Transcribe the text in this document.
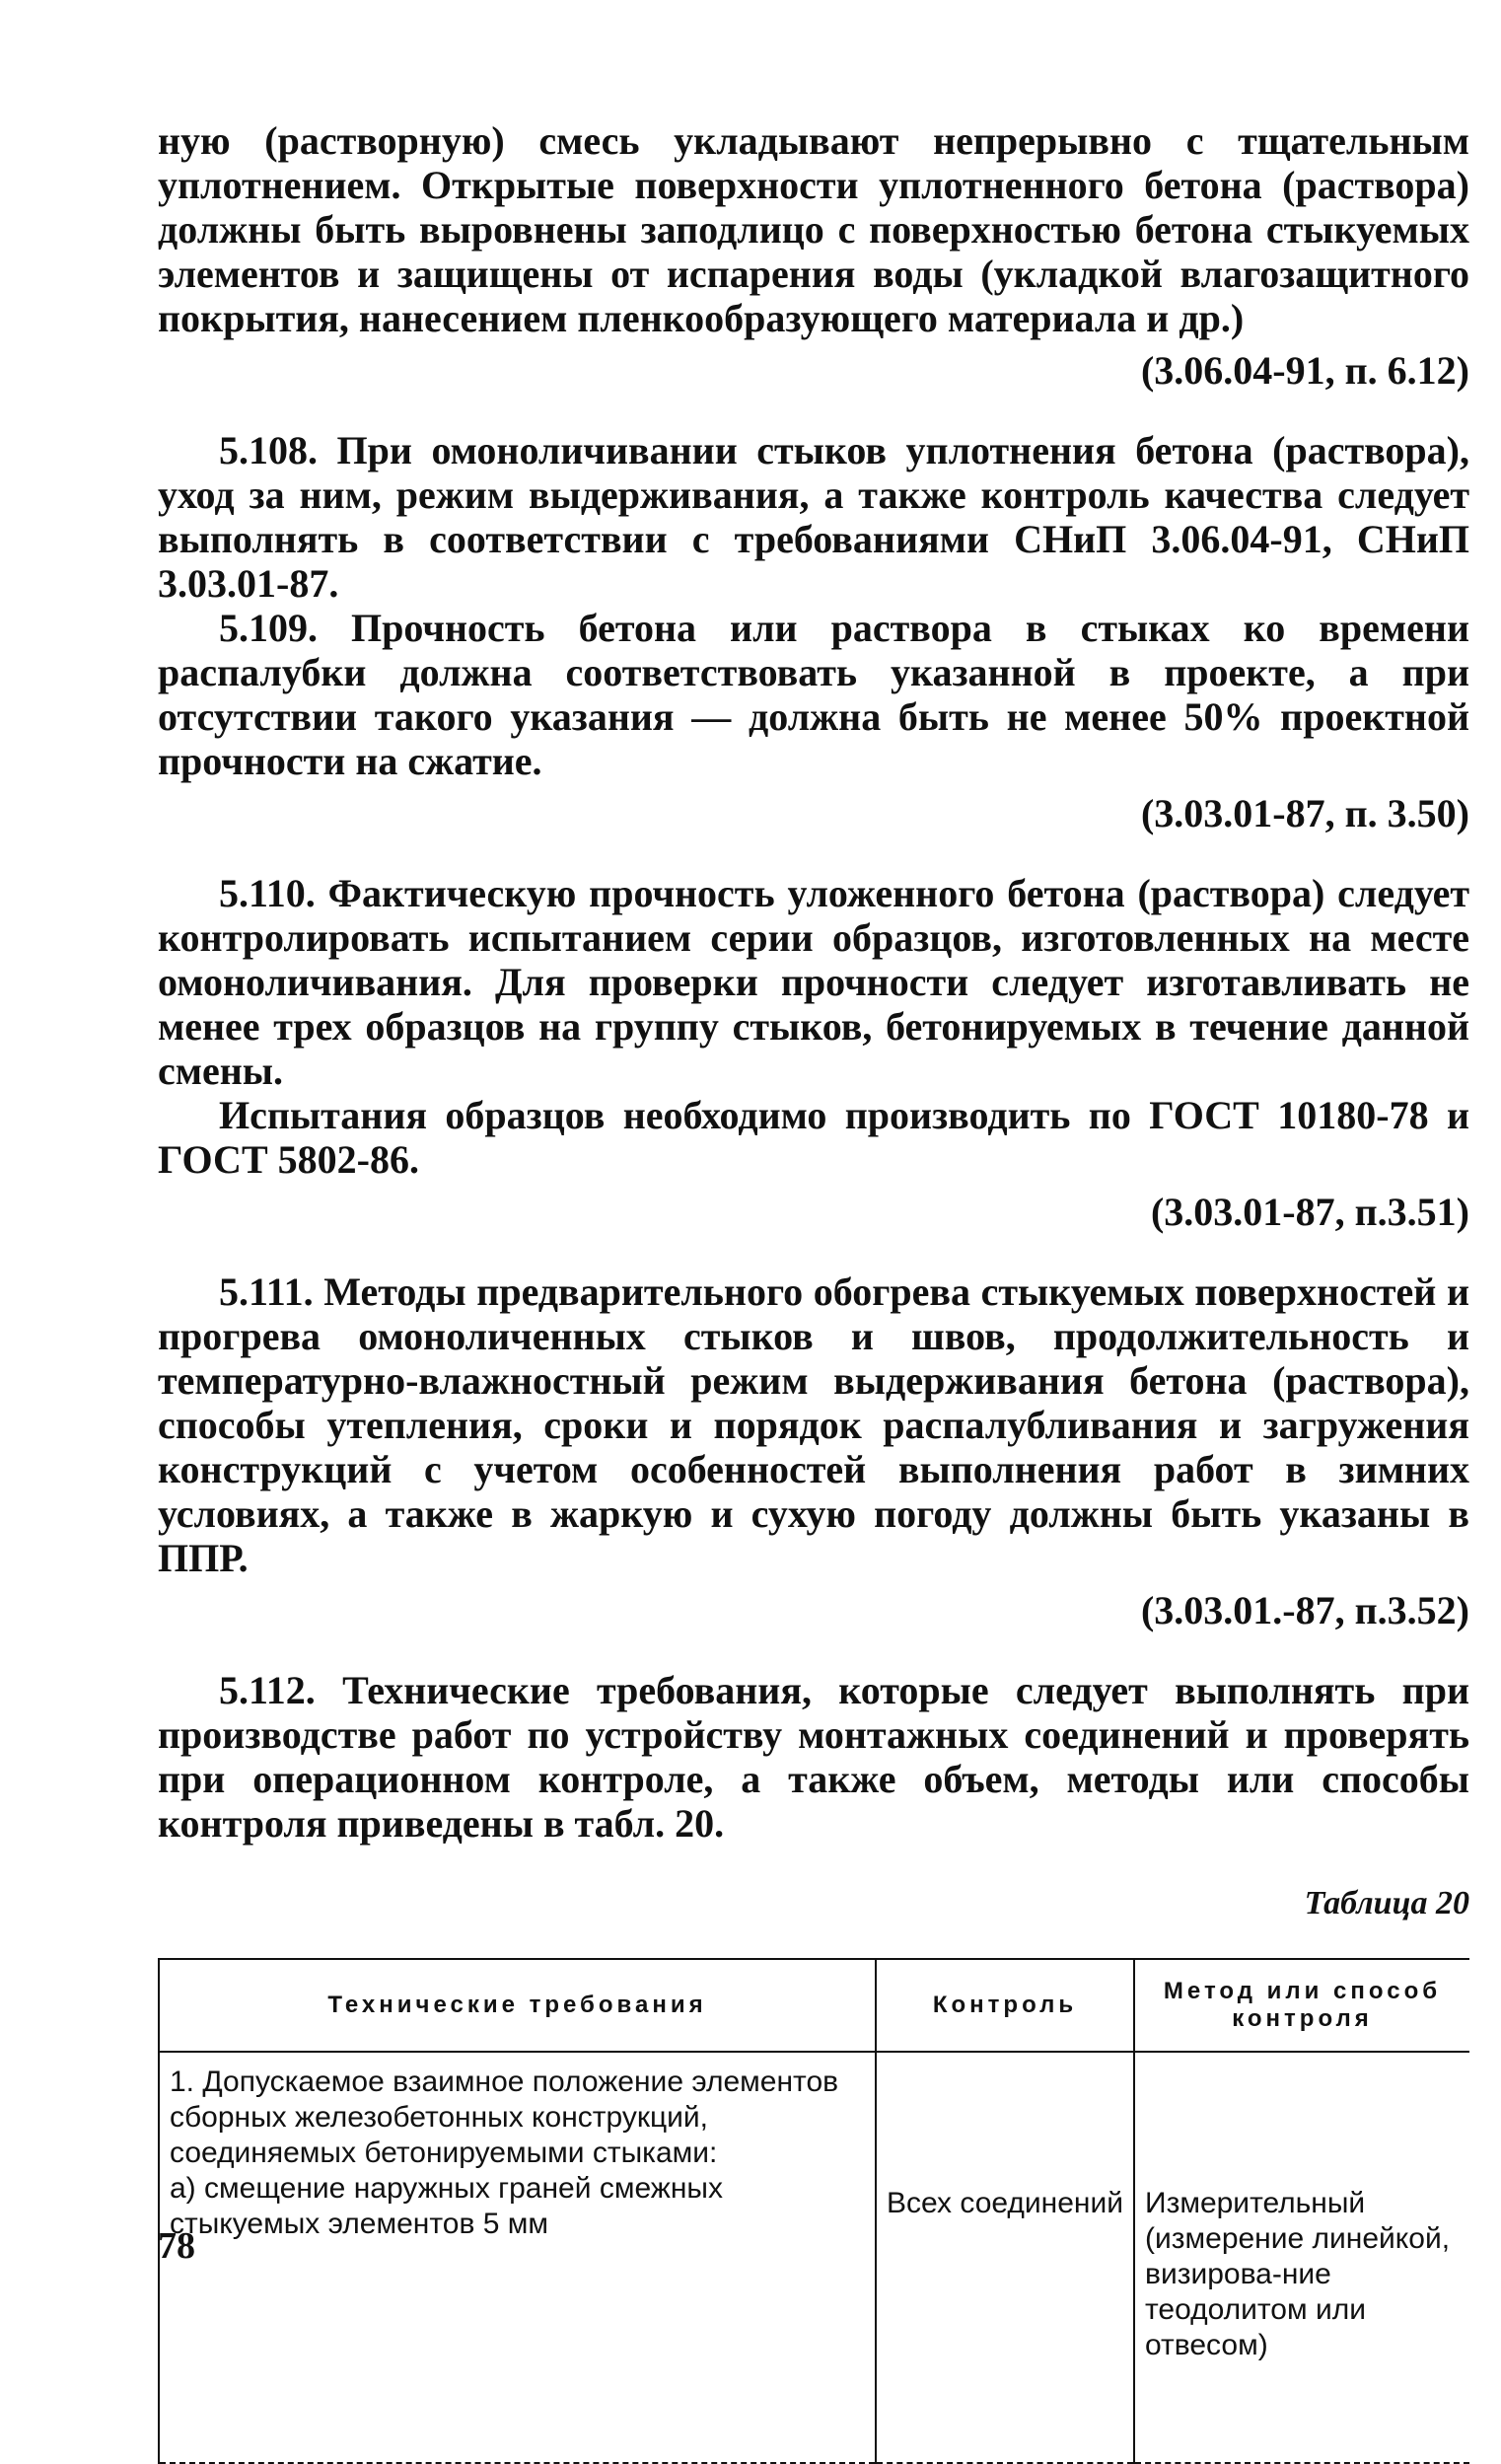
ную (растворную) смесь укладывают непрерывно с тщательным уплотнением. Открытые поверхности уплотненного бетона (раствора) должны быть выровнены заподлицо с поверхностью бетона стыкуемых элементов и защищены от испарения воды (укладкой влагозащитного покрытия, нанесением пленкообразующего материала и др.)

(3.06.04-91, п. 6.12)

5.108. При омоноличивании стыков уплотнения бетона (раствора), уход за ним, режим выдерживания, а также контроль качества следует выполнять в соответствии с требованиями СНиП 3.06.04-91, СНиП 3.03.01-87.

5.109. Прочность бетона или раствора в стыках ко времени распалубки должна соответствовать указанной в проекте, а при отсутствии такого указания — должна быть не менее 50% проектной прочности на сжатие.

(3.03.01-87, п. 3.50)

5.110. Фактическую прочность уложенного бетона (раствора) следует контролировать испытанием серии образцов, изготовленных на месте омоноличивания. Для проверки прочности следует изготавливать не менее трех образцов на группу стыков, бетонируемых в течение данной смены.

Испытания образцов необходимо производить по ГОСТ 10180-78 и ГОСТ 5802-86.

(3.03.01-87, п.3.51)

5.111. Методы предварительного обогрева стыкуемых поверхностей и прогрева омоноличенных стыков и швов, продолжительность и температурно-влажностный режим выдерживания бетона (раствора), способы утепления, сроки и порядок распалубливания и загружения конструкций с учетом особенностей выполнения работ в зимних условиях, а также в жаркую и сухую погоду должны быть указаны в ППР.

(3.03.01.-87, п.3.52)

5.112. Технические требования, которые следует выполнять при производстве работ по устройству монтажных соединений и проверять при операционном контроле, а также объем, методы или способы контроля приведены в табл. 20.

Таблица 20
Технические требования	Контроль	Метод или способ контроля

1. Допускаемое взаимное положение элементов сборных железобетонных конструкций, соединяемых бетонируемыми стыками:
а) смещение наружных граней смежных стыкуемых элементов 5 мм	Всех соединений	Измерительный (измерение линейкой, визирова-ние теодолитом или отвесом)
78
